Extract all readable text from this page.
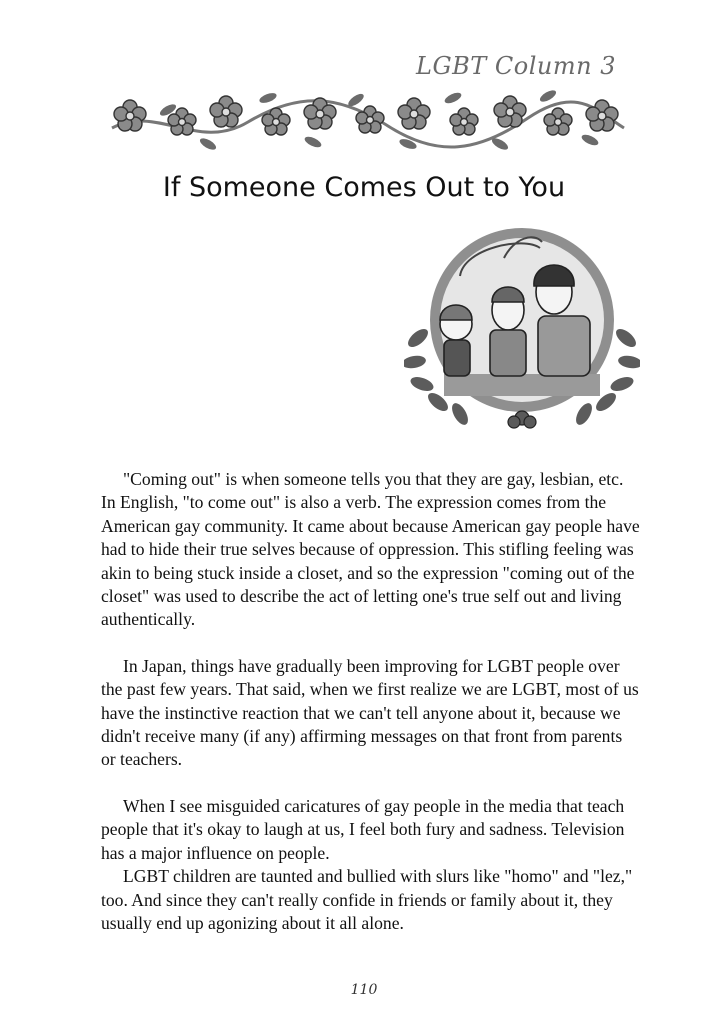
LGBT Column 3
If Someone Comes Out to You

"Coming out" is when someone tells you that they are gay, lesbian, etc.

In English, "to come out" is also a verb. The expression comes from the American gay community. It came about because American gay people have had to hide their true selves because of oppression. This stifling feeling was akin to being stuck inside a closet, and so the expression "coming out of the closet" was used to describe the act of letting one's true self out and living authentically.

In Japan, things have gradually been improving for LGBT people over the past few years. That said, when we first realize we are LGBT, most of us have the instinctive reaction that we can't tell anyone about it, because we didn't receive many (if any) affirming messages on that front from parents or teachers.

When I see misguided caricatures of gay people in the media that teach people that it's okay to laugh at us, I feel both fury and sadness. Television has a major influence on people.

LGBT children are taunted and bullied with slurs like "homo" and "lez," too. And since they can't really confide in friends or family about it, they usually end up agonizing about it all alone.

110
